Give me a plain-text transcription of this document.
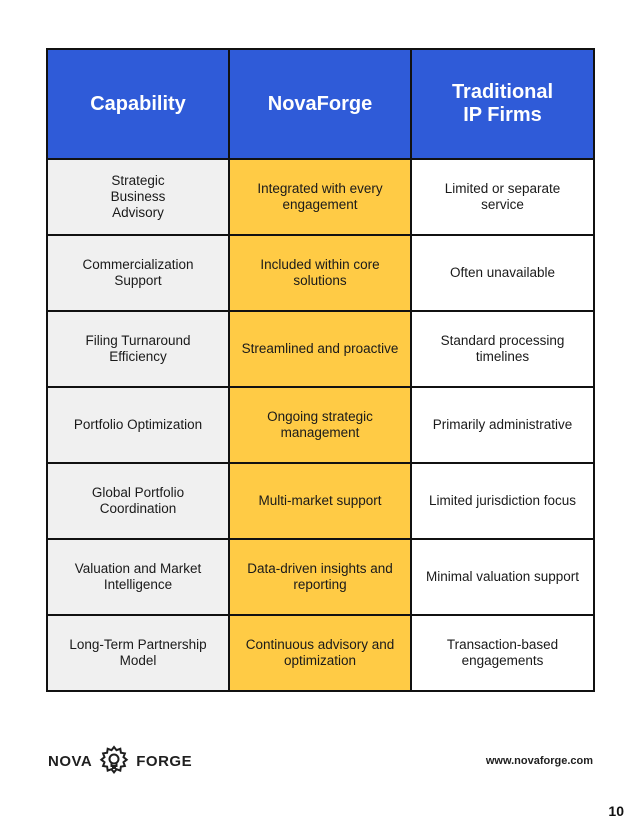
Capability	NovaForge	Traditional IP Firms
Strategic Business Advisory	Integrated with every engagement	Limited or separate service
Commercialization Support	Included within core solutions	Often unavailable
Filing Turnaround Efficiency	Streamlined and proactive	Standard processing timelines
Portfolio Optimization	Ongoing strategic management	Primarily administrative
Global Portfolio Coordination	Multi-market support	Limited jurisdiction focus
Valuation and Market Intelligence	Data-driven insights and reporting	Minimal valuation support
Long-Term Partnership Model	Continuous advisory and optimization	Transaction-based engagements
NOVA	FORGE	www.novaforge.com
10
